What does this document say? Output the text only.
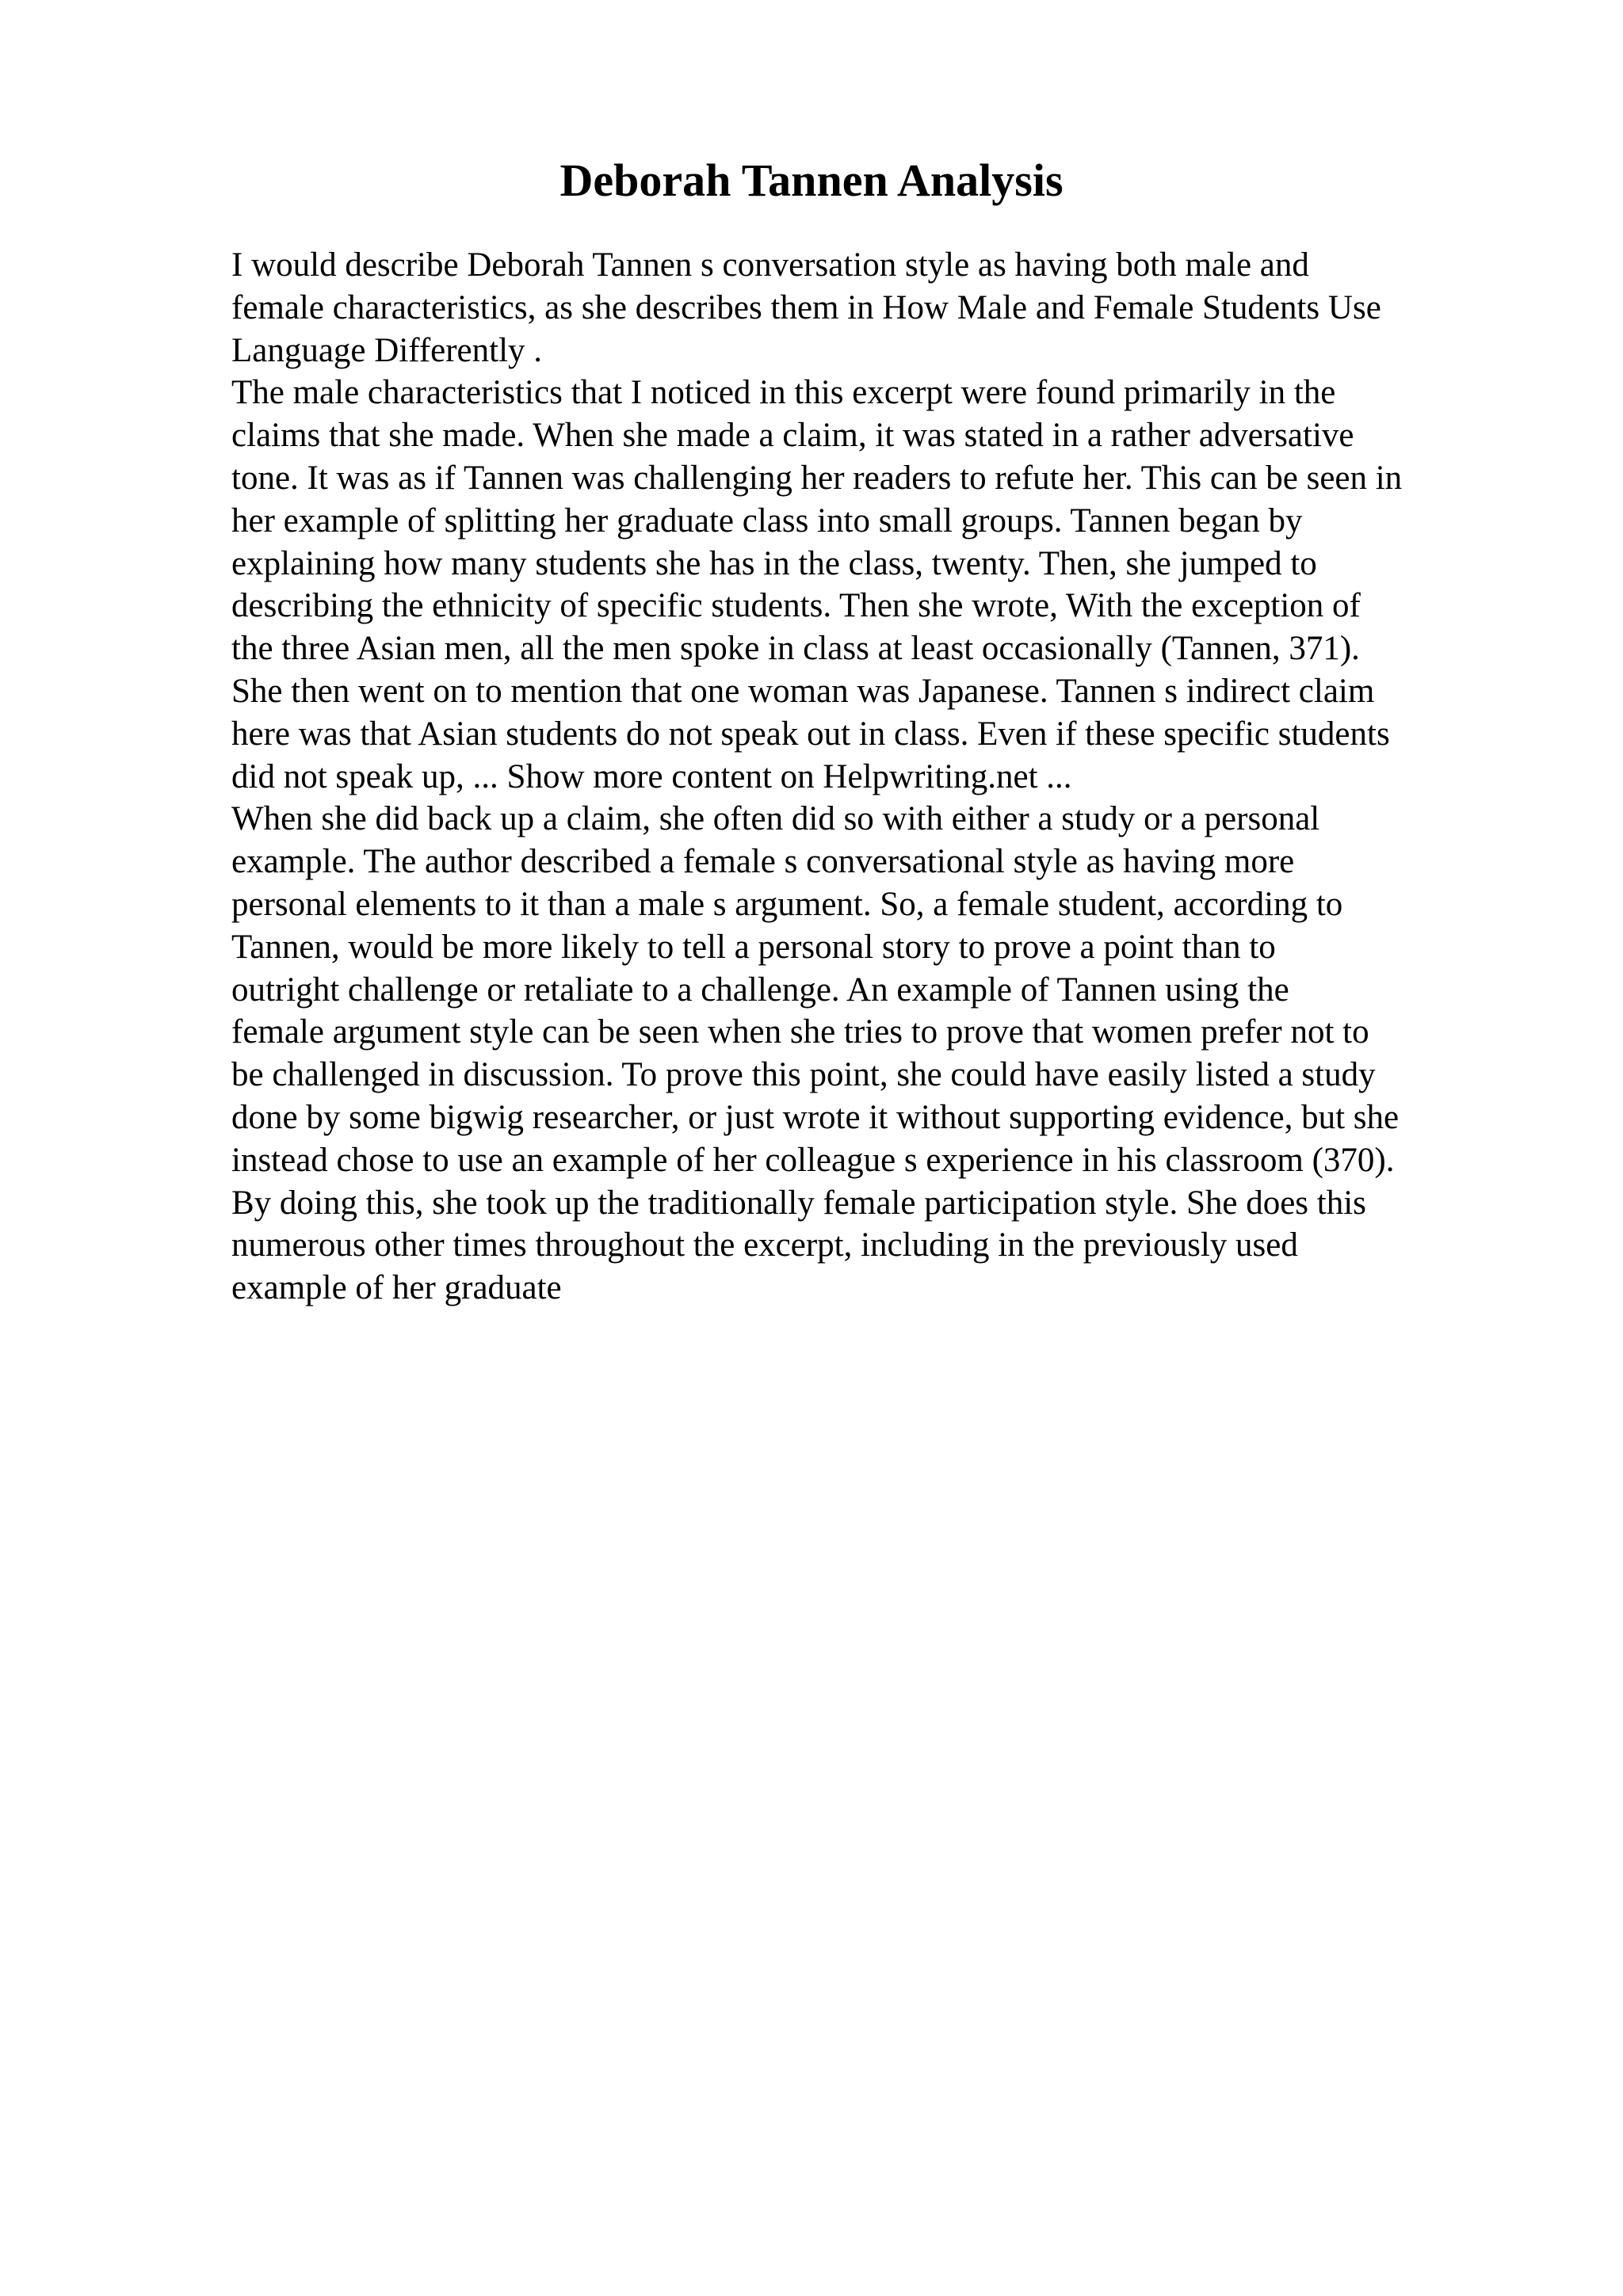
Deborah Tannen Analysis
I would describe Deborah Tannen s conversation style as having both male and
female characteristics, as she describes them in How Male and Female Students Use
Language Differently .
The male characteristics that I noticed in this excerpt were found primarily in the
claims that she made. When she made a claim, it was stated in a rather adversative
tone. It was as if Tannen was challenging her readers to refute her. This can be seen in
her example of splitting her graduate class into small groups. Tannen began by
explaining how many students she has in the class, twenty. Then, she jumped to
describing the ethnicity of specific students. Then she wrote, With the exception of
the three Asian men, all the men spoke in class at least occasionally (Tannen, 371).
She then went on to mention that one woman was Japanese. Tannen s indirect claim
here was that Asian students do not speak out in class. Even if these specific students
did not speak up, ... Show more content on Helpwriting.net ...
When she did back up a claim, she often did so with either a study or a personal
example. The author described a female s conversational style as having more
personal elements to it than a male s argument. So, a female student, according to
Tannen, would be more likely to tell a personal story to prove a point than to
outright challenge or retaliate to a challenge. An example of Tannen using the
female argument style can be seen when she tries to prove that women prefer not to
be challenged in discussion. To prove this point, she could have easily listed a study
done by some bigwig researcher, or just wrote it without supporting evidence, but she
instead chose to use an example of her colleague s experience in his classroom (370).
By doing this, she took up the traditionally female participation style. She does this
numerous other times throughout the excerpt, including in the previously used
example of her graduate
